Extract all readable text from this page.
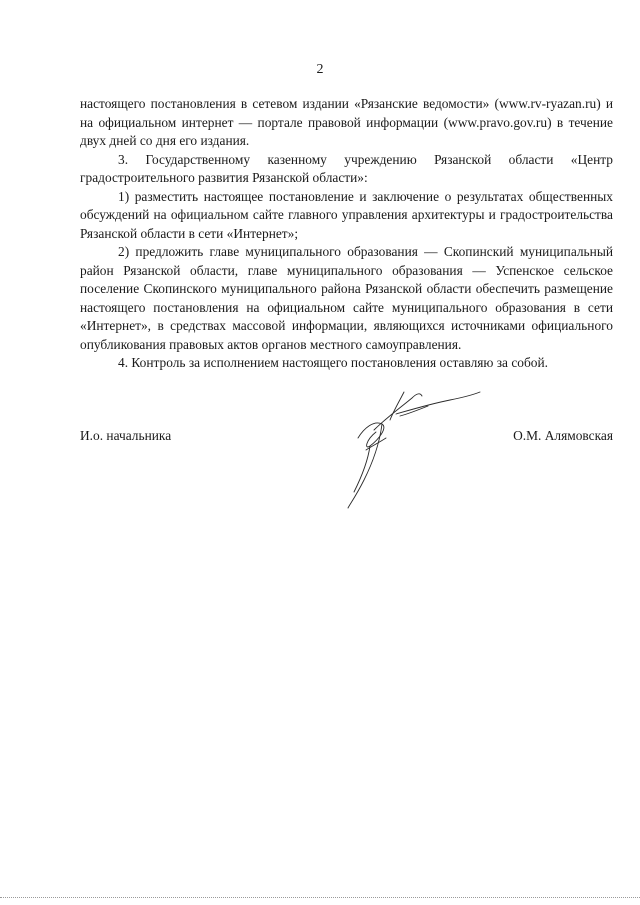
2

настоящего постановления в сетевом издании «Рязанские ведомости» (www.rv-ryazan.ru) и на официальном интернет — портале правовой информации (www.pravo.gov.ru) в течение двух дней со дня его издания.

3. Государственному казенному учреждению Рязанской области «Центр градостроительного развития Рязанской области»:

1) разместить настоящее постановление и заключение о результатах общественных обсуждений на официальном сайте главного управления архитектуры и градостроительства Рязанской области в сети «Интернет»;

2) предложить главе муниципального образования — Скопинский муниципальный район Рязанской области, главе муниципального образования — Успенское сельское поселение Скопинского муниципального района Рязанской области обеспечить размещение настоящего постановления на официальном сайте муниципального образования в сети «Интернет», в средствах массовой информации, являющихся источниками официального опубликования правовых актов органов местного самоуправления.

4. Контроль за исполнением настоящего постановления оставляю за собой.

И.о. начальника	О.М. Алямовская
